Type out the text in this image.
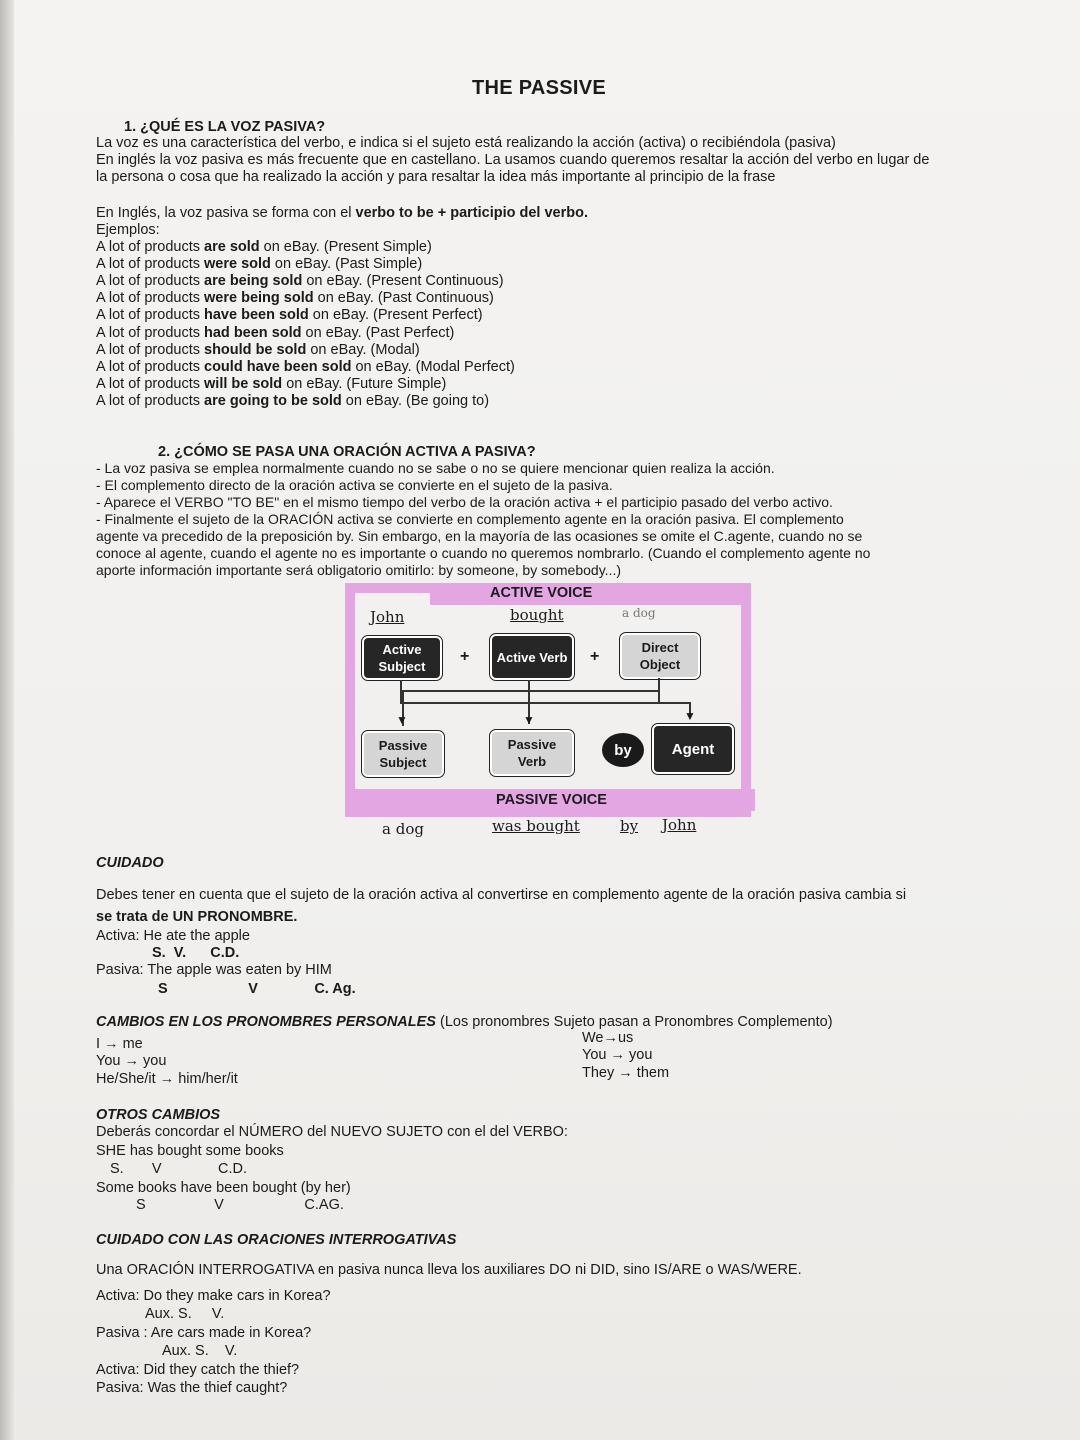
THE PASSIVE
1. ¿QUÉ ES LA VOZ PASIVA?
La voz es una característica del verbo, e indica si el sujeto está realizando la acción (activa) o recibiéndola (pasiva)
En inglés la voz pasiva es más frecuente que en castellano. La usamos cuando queremos resaltar la acción del verbo en lugar de
la persona o cosa que ha realizado la acción y para resaltar la idea más importante al principio de la frase
En Inglés, la voz pasiva se forma con el verbo to be + participio del verbo.
Ejemplos:
A lot of products are sold on eBay. (Present Simple)
A lot of products were sold on eBay. (Past Simple)
A lot of products are being sold on eBay. (Present Continuous)
A lot of products were being sold on eBay. (Past Continuous)
A lot of products have been sold on eBay. (Present Perfect)
A lot of products had been sold on eBay. (Past Perfect)
A lot of products should be sold on eBay. (Modal)
A lot of products could have been sold on eBay. (Modal Perfect)
A lot of products will be sold on eBay. (Future Simple)
A lot of products are going to be sold on eBay. (Be going to)
2. ¿CÓMO SE PASA UNA ORACIÓN ACTIVA A PASIVA?
- La voz pasiva se emplea normalmente cuando no se sabe o no se quiere mencionar quien realiza la acción.
- El complemento directo de la oración activa se convierte en el sujeto de la pasiva.
- Aparece el VERBO "TO BE" en el mismo tiempo del verbo de la oración activa + el participio pasado del verbo activo.
- Finalmente el sujeto de la ORACIÓN activa se convierte en complemento agente en la oración pasiva. El complemento
agente va precedido de la preposición by. Sin embargo, en la mayoría de las ocasiones se omite el C.agente, cuando no se
conoce al agente, cuando el agente no es importante o cuando no queremos nombrarlo. (Cuando el complemento agente no
aporte información importante será obligatorio omitirlo: by someone, by somebody...)
ACTIVE VOICE
PASSIVE VOICE
John	bought	a dog
Active Subject
+	Active Verb	+
Direct Object
▼	▼	▼
Passive Subject
Passive Verb
by	Agent
a dog	was bought	by John
CUIDADO
Debes tener en cuenta que el sujeto de la oración activa al convertirse en complemento agente de la oración pasiva cambia si
se trata de UN PRONOMBRE.
Activa: He ate the apple
S.  V.      C.D.
Pasiva: The apple was eaten by HIM
S                    V              C. Ag.
CAMBIOS EN LOS PRONOMBRES PERSONALES (Los pronombres Sujeto pasan a Pronombres Complemento)
I → me
You → you
He/She/it → him/her/it
We→us
You → you
They → them
OTROS CAMBIOS
Deberás concordar el NÚMERO del NUEVO SUJETO con el del VERBO:
SHE has bought some books
S.       V              C.D.
Some books have been bought (by her)
S                 V                    C.AG.
CUIDADO CON LAS ORACIONES INTERROGATIVAS
Una ORACIÓN INTERROGATIVA en pasiva nunca lleva los auxiliares DO ni DID, sino IS/ARE o WAS/WERE.
Activa: Do they make cars in Korea?
Aux. S.     V.
Pasiva : Are cars made in Korea?
Aux. S.    V.
Activa: Did they catch the thief?
Pasiva: Was the thief caught?
